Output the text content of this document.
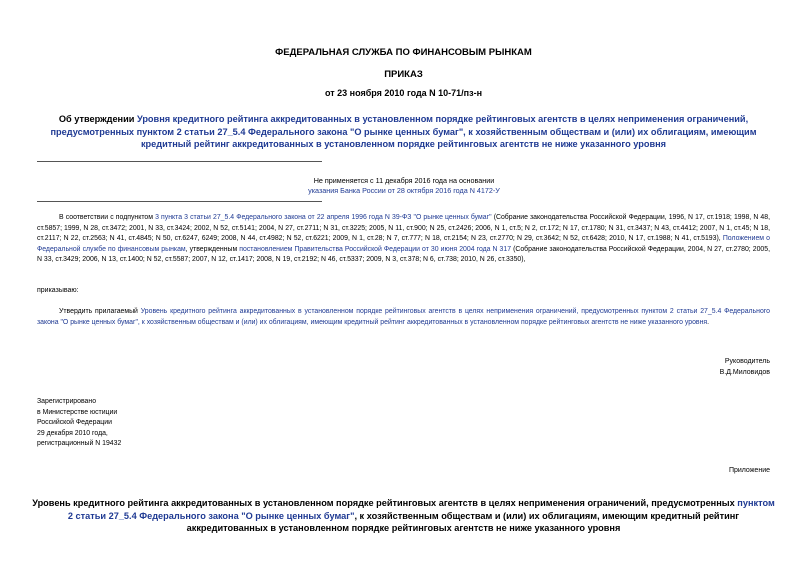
ФЕДЕРАЛЬНАЯ СЛУЖБА ПО ФИНАНСОВЫМ РЫНКАМ
ПРИКАЗ
от 23 ноября 2010 года N 10-71/пз-н
Об утверждении Уровня кредитного рейтинга аккредитованных в установленном порядке рейтинговых агентств в целях неприменения ограничений, предусмотренных пунктом 2 статьи 27_5.4 Федерального закона "О рынке ценных бумаг", к хозяйственным обществам и (или) их облигациям, имеющим кредитный рейтинг аккредитованных в установленном порядке рейтинговых агентств не ниже указанного уровня
Не применяется с 11 декабря 2016 года на основании
указания Банка России от 28 октября 2016 года N 4172-У
В соответствии с подпунктом 3 пункта 3 статьи 27_5.4 Федерального закона от 22 апреля 1996 года N 39-ФЗ "О рынке ценных бумаг" (Собрание законодательства Российской Федерации, 1996, N 17, ст.1918; 1998, N 48, ст.5857; 1999, N 28, ст.3472; 2001, N 33, ст.3424; 2002, N 52, ст.5141; 2004, N 27, ст.2711; N 31, ст.3225; 2005, N 11, ст.900; N 25, ст.2426; 2006, N 1, ст.5; N 2, ст.172; N 17, ст.1780; N 31, ст.3437; N 43, ст.4412; 2007, N 1, ст.45; N 18, ст.2117; N 22, ст.2563; N 41, ст.4845; N 50, ст.6247, 6249; 2008, N 44, ст.4982; N 52, ст.6221; 2009, N 1, ст.28; N 7, ст.777; N 18, ст.2154; N 23, ст.2770; N 29, ст.3642; N 52, ст.6428; 2010, N 17, ст.1988; N 41, ст.5193), Положением о Федеральной службе по финансовым рынкам, утвержденным постановлением Правительства Российской Федерации от 30 июня 2004 года N 317 (Собрание законодательства Российской Федерации, 2004, N 27, ст.2780; 2005, N 33, ст.3429; 2006, N 13, ст.1400; N 52, ст.5587; 2007, N 12, ст.1417; 2008, N 19, ст.2192; N 46, ст.5337; 2009, N 3, ст.378; N 6, ст.738; 2010, N 26, ст.3350),
приказываю:
Утвердить прилагаемый Уровень кредитного рейтинга аккредитованных в установленном порядке рейтинговых агентств в целях неприменения ограничений, предусмотренных пунктом 2 статьи 27_5.4 Федерального закона "О рынке ценных бумаг", к хозяйственным обществам и (или) их облигациям, имеющим кредитный рейтинг аккредитованных в установленном порядке рейтинговых агентств не ниже указанного уровня.
Руководитель
В.Д.Миловидов
Зарегистрировано
в Министерстве юстиции
Российской Федерации
29 декабря 2010 года,
регистрационный N 19432
Приложение
Уровень кредитного рейтинга аккредитованных в установленном порядке рейтинговых агентств в целях неприменения ограничений, предусмотренных пунктом 2 статьи 27_5.4 Федерального закона "О рынке ценных бумаг", к хозяйственным обществам и (или) их облигациям, имеющим кредитный рейтинг аккредитованных в установленном порядке рейтинговых агентств не ниже указанного уровня
